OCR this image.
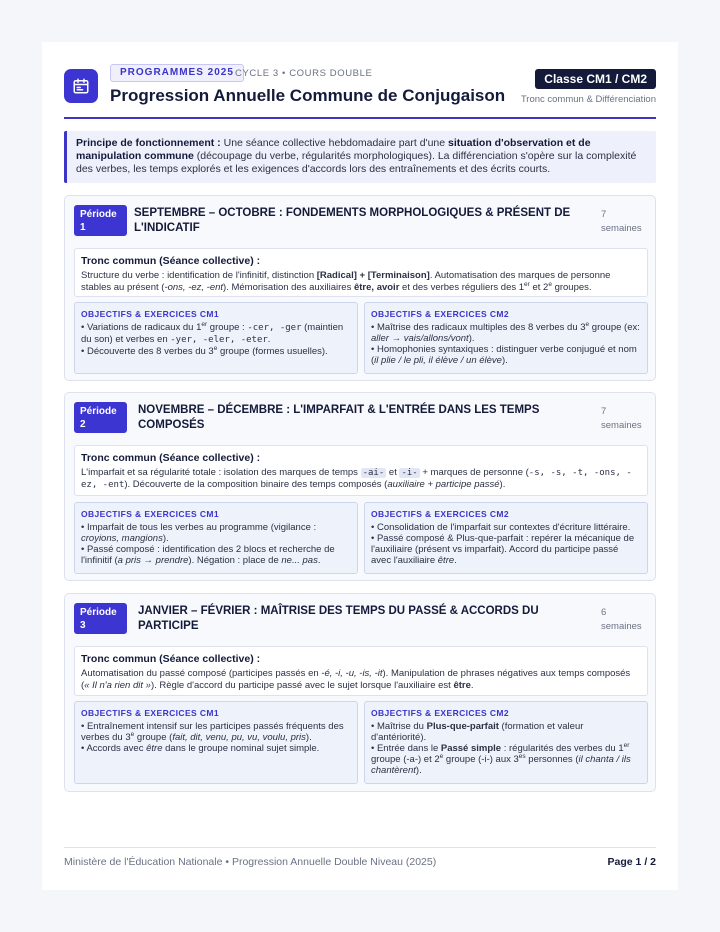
PROGRAMMES 2025 CYCLE 3 • COURS DOUBLE
Progression Annuelle Commune de Conjugaison
Classe CM1 / CM2
Tronc commun & Différenciation
Principe de fonctionnement : Une séance collective hebdomadaire part d'une situation d'observation et de manipulation commune (découpage du verbe, régularités morphologiques). La différenciation s'opère sur la complexité des verbes, les temps explorés et les exigences d'accords lors des entraînements et des écrits courts.
Période
1
SEPTEMBRE – OCTOBRE : FONDEMENTS MORPHOLOGIQUES & PRÉSENT DE L'INDICATIF
7
semaines
Tronc commun (Séance collective) :
Structure du verbe : identification de l'infinitif, distinction [Radical] + [Terminaison]. Automatisation des marques de personne stables au présent (-ons, -ez, -ent). Mémorisation des auxiliaires être, avoir et des verbes réguliers des 1er et 2e groupes.
OBJECTIFS & EXERCICES CM1
• Variations de radicaux du 1er groupe : -cer, -ger (maintien du son) et verbes en -yer, -eler, -eter.
• Découverte des 8 verbes du 3e groupe (formes usuelles).
OBJECTIFS & EXERCICES CM2
• Maîtrise des radicaux multiples des 8 verbes du 3e groupe (ex: aller → vais/allons/vont).
• Homophonies syntaxiques : distinguer verbe conjugué et nom (il plie / le pli, il élève / un élève).
Période
2
NOVEMBRE – DÉCEMBRE : L'IMPARFAIT & L'ENTRÉE DANS LES TEMPS COMPOSÉS
7
semaines
Tronc commun (Séance collective) :
L'imparfait et sa régularité totale : isolation des marques de temps -ai- et -i- + marques de personne (-s, -s, -t, -ons, -ez, -ent). Découverte de la composition binaire des temps composés (auxiliaire + participe passé).
OBJECTIFS & EXERCICES CM1
• Imparfait de tous les verbes au programme (vigilance : croyions, mangions).
• Passé composé : identification des 2 blocs et recherche de l'infinitif (a pris → prendre). Négation : place de ne... pas.
OBJECTIFS & EXERCICES CM2
• Consolidation de l'imparfait sur contextes d'écriture littéraire.
• Passé composé & Plus-que-parfait : repérer la mécanique de l'auxiliaire (présent vs imparfait). Accord du participe passé avec l'auxiliaire être.
Période
3
JANVIER – FÉVRIER : MAÎTRISE DES TEMPS DU PASSÉ & ACCORDS DU PARTICIPE
6
semaines
Tronc commun (Séance collective) :
Automatisation du passé composé (participes passés en -é, -i, -u, -is, -it). Manipulation de phrases négatives aux temps composés (« Il n'a rien dit »). Règle d'accord du participe passé avec le sujet lorsque l'auxiliaire est être.
OBJECTIFS & EXERCICES CM1
• Entraînement intensif sur les participes passés fréquents des verbes du 3e groupe (fait, dit, venu, pu, vu, voulu, pris).
• Accords avec être dans le groupe nominal sujet simple.
OBJECTIFS & EXERCICES CM2
• Maîtrise du Plus-que-parfait (formation et valeur d'antériorité).
• Entrée dans le Passé simple : régularités des verbes du 1er groupe (-a-) et 2e groupe (-i-) aux $3^{es}$ personnes (il chanta / ils chantèrent).
Ministère de l'Éducation Nationale • Progression Annuelle Double Niveau (2025)	Page 1 / 2
